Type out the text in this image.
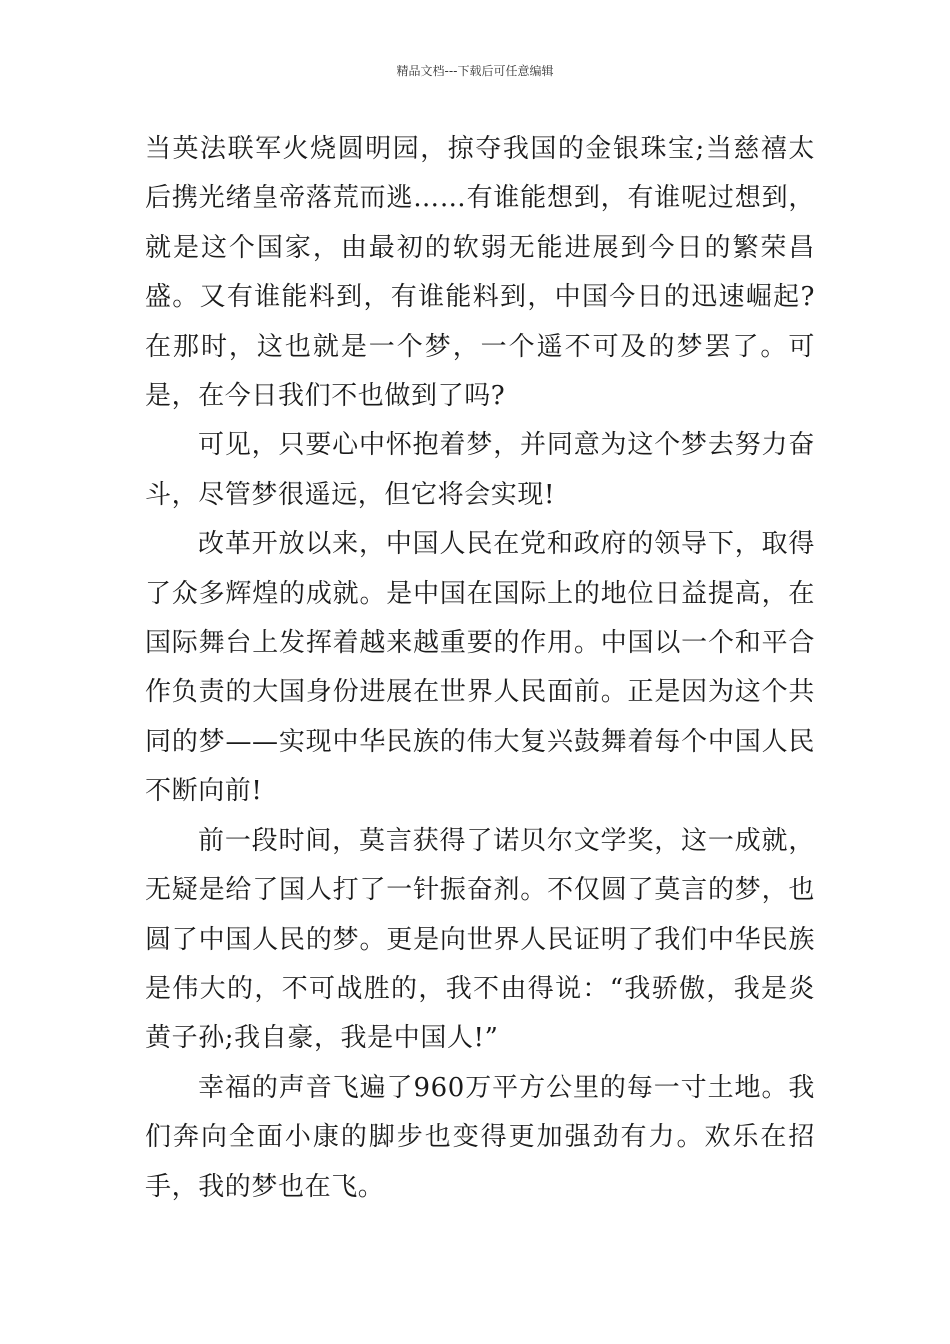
精品文档---下载后可任意编辑

当英法联军火烧圆明园，掠夺我国的金银珠宝;当慈禧太后携光绪皇帝落荒而逃……有谁能想到，有谁呢过想到，就是这个国家，由最初的软弱无能进展到今日的繁荣昌盛。又有谁能料到，有谁能料到，中国今日的迅速崛起?在那时，这也就是一个梦，一个遥不可及的梦罢了。可是，在今日我们不也做到了吗?

可见，只要心中怀抱着梦，并同意为这个梦去努力奋斗，尽管梦很遥远，但它将会实现!

改革开放以来，中国人民在党和政府的领导下，取得了众多辉煌的成就。是中国在国际上的地位日益提高，在国际舞台上发挥着越来越重要的作用。中国以一个和平合作负责的大国身份进展在世界人民面前。正是因为这个共同的梦——实现中华民族的伟大复兴鼓舞着每个中国人民不断向前!

前一段时间，莫言获得了诺贝尔文学奖，这一成就，无疑是给了国人打了一针振奋剂。不仅圆了莫言的梦，也圆了中国人民的梦。更是向世界人民证明了我们中华民族是伟大的，不可战胜的，我不由得说：“我骄傲，我是炎黄子孙;我自豪，我是中国人!”

幸福的声音飞遍了960万平方公里的每一寸土地。我们奔向全面小康的脚步也变得更加强劲有力。欢乐在招手，我的梦也在飞。
